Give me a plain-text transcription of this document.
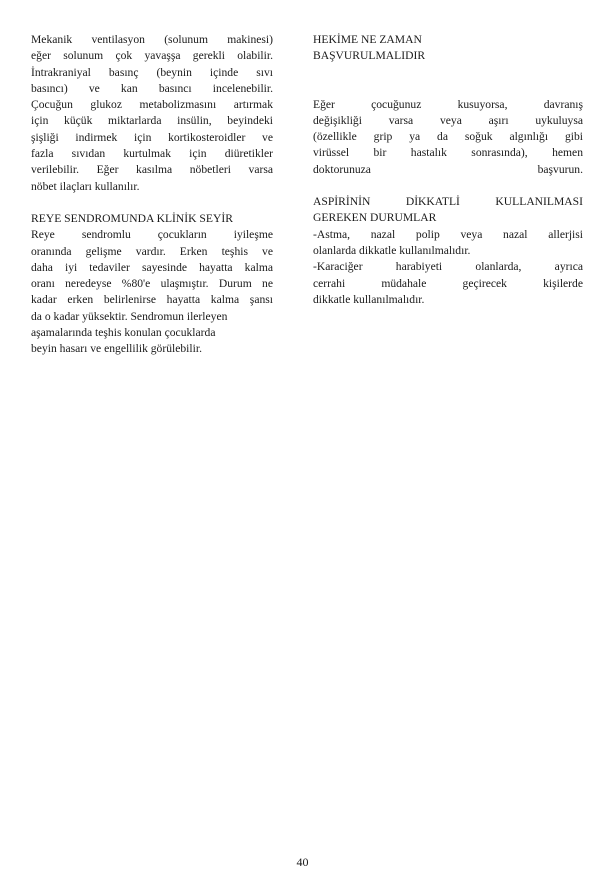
Mekanik ventilasyon (solunum makinesi)
eğer solunum çok yavaşşa gerekli olabilir.
İntrakraniyal basınç (beynin içinde sıvı
basıncı) ve kan basıncı incelenebilir.
Çocuğun glukoz metabolizmasını artırmak
için küçük miktarlarda insülin, beyindeki
şişliği indirmek için kortikosteroidler ve
fazla sıvıdan kurtulmak için diüretikler
verilebilir. Eğer kasılma nöbetleri varsa
nöbet ilaçları kullanılır.
REYE SENDROMUNDA KLİNİK SEYİR
Reye sendromlu çocukların iyileşme
oranında gelişme vardır. Erken teşhis ve
daha iyi tedaviler sayesinde hayatta kalma
oranı neredeyse %80'e ulaşmıştır. Durum ne
kadar erken belirlenirse hayatta kalma şansı
da o kadar yüksektir. Sendromun ilerleyen
aşamalarında teşhis konulan çocuklarda
beyin hasarı ve engellilik görülebilir.
HEKİME NE ZAMAN
BAŞVURULMALIDIR
Eğer çocuğunuz kusuyorsa, davranış
değişikliği varsa veya aşırı uykuluysa
(özellikle grip ya da soğuk algınlığı gibi
virüssel bir hastalık sonrasında), hemen
doktorunuza başvurun.
ASPİRİNİN DİKKATLİ KULLANILMASI
GEREKEN DURUMLAR
-Astma, nazal polip veya nazal allerjisi
olanlarda dikkatle kullanılmalıdır.
-Karaciğer harabiyeti olanlarda, ayrıca
cerrahi müdahale geçirecek kişilerde
dikkatle kullanılmalıdır.
40
